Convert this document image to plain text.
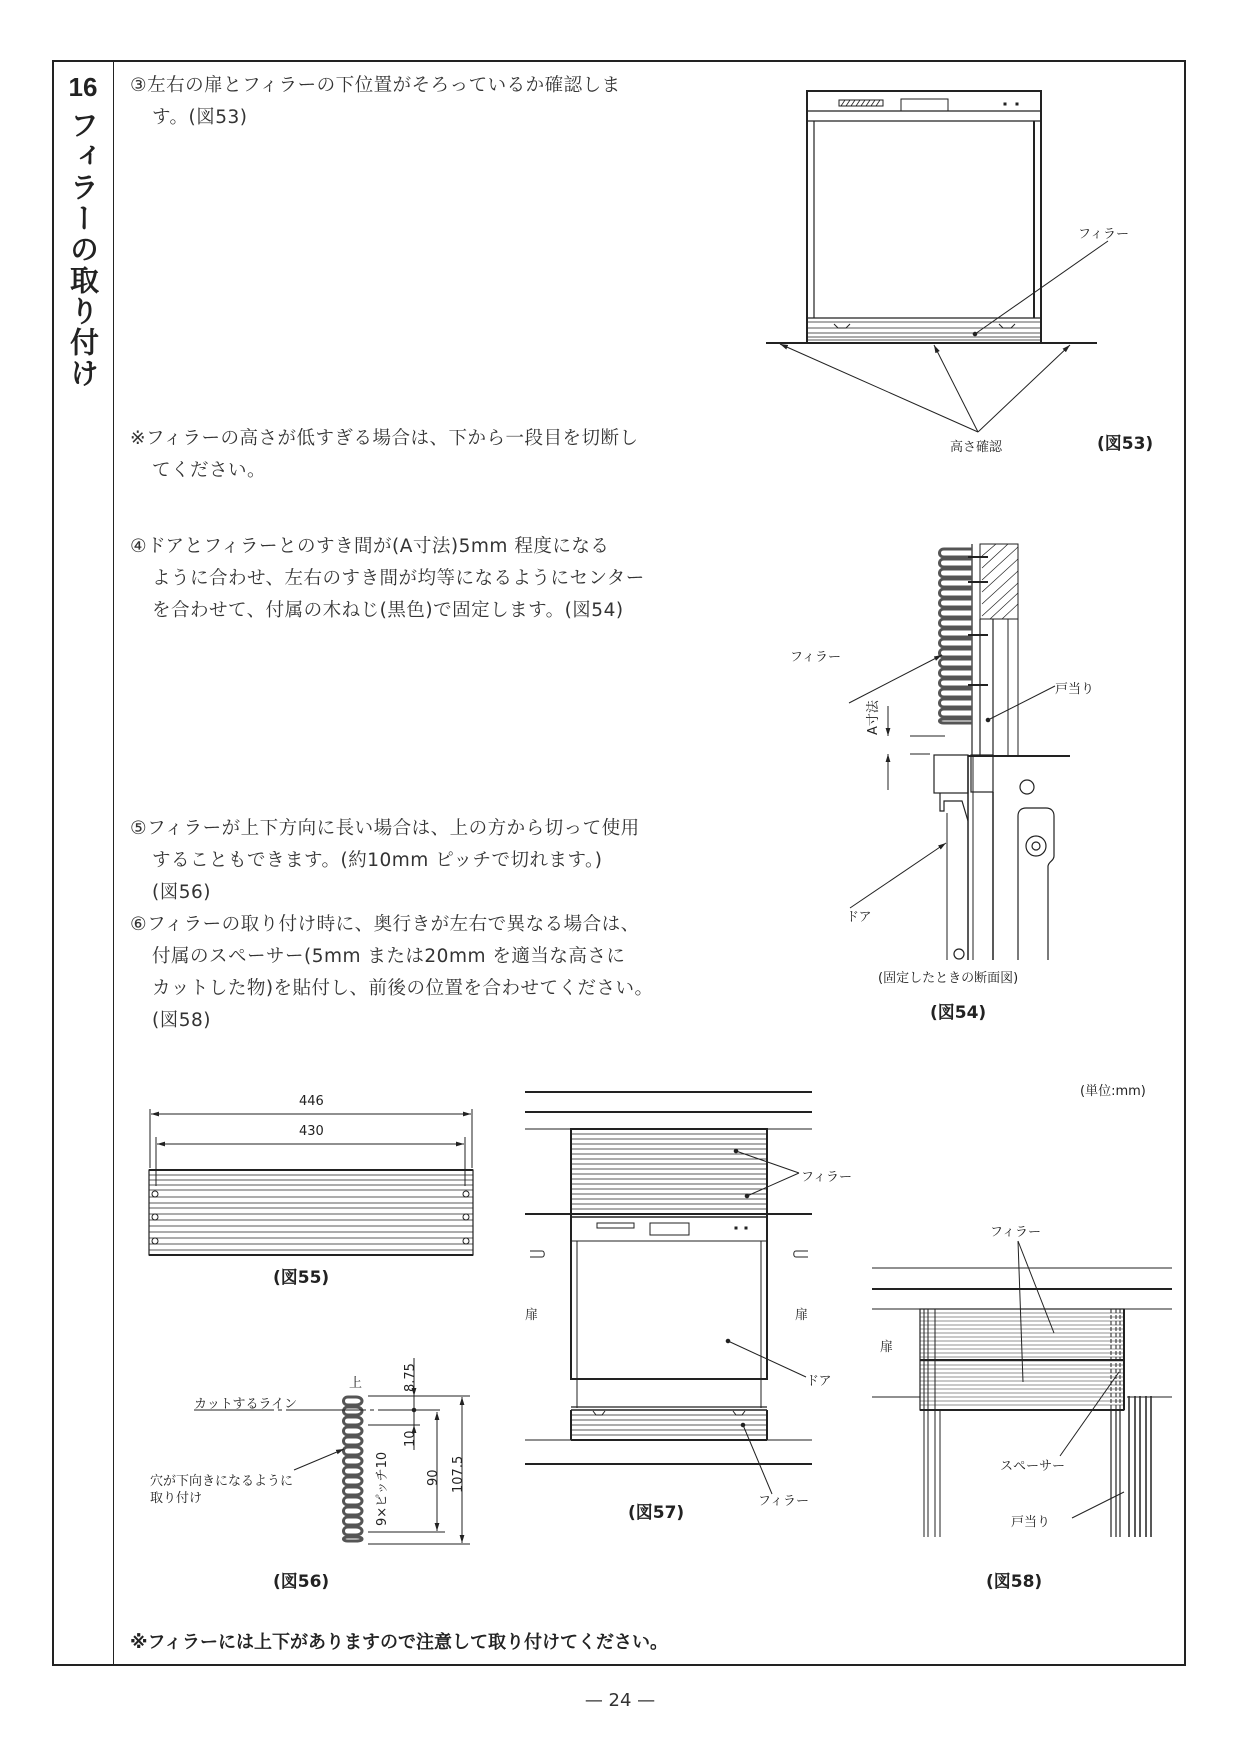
16
フィラーの取り付け
③左右の扉とフィラーの下位置がそろっているか確認しま
す。(図53)
※フィラーの高さが低すぎる場合は、下から一段目を切断し
てください。
④ドアとフィラーとのすき間が(A寸法)5mm 程度になる
ように合わせ、左右のすき間が均等になるようにセンター
を合わせて、付属の木ねじ(黒色)で固定します。(図54)
⑤フィラーが上下方向に長い場合は、上の方から切って使用
することもできます。(約10mm ピッチで切れます。)
(図56)
⑥フィラーの取り付け時に、奥行きが左右で異なる場合は、
付属のスペーサー(5mm または20mm を適当な高さに
カットした物)を貼付し、前後の位置を合わせてください。
(図58)
フィラー
高さ確認	(図53)
フィラー
戸当り
A寸法
ドア
(固定したときの断面図)
(図54)
(単位:mm)
446
430
(図55)
上
カットするライン
穴が下向きになるように
取り付け
8.75
10
9×ピッチ10	90 107.5
(図56)
フィラー
扉	扉
ドア
フィラー
(図57)
フィラー
扉
スペーサー
戸当り
(図58)
※フィラーには上下がありますので注意して取り付けてください。
— 24 —
